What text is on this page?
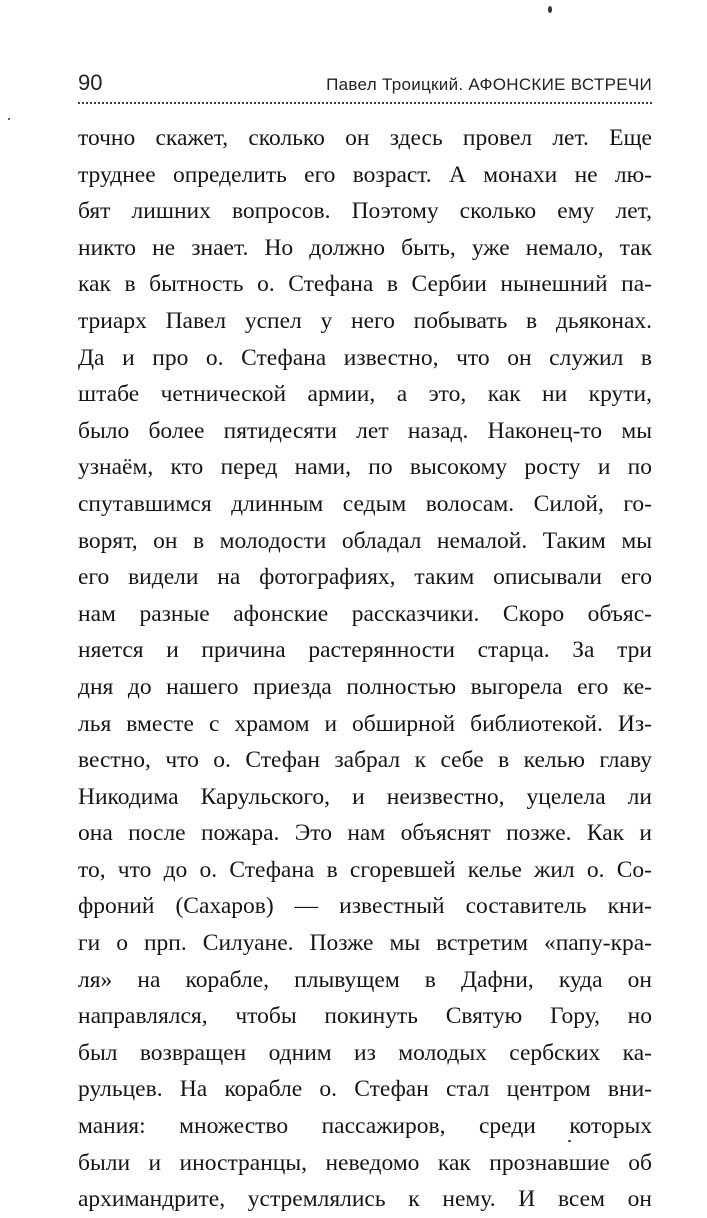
90	Павел Троицкий. АФОНСКИЕ ВСТРЕЧИ
точно скажет, сколько он здесь провел лет. Еще
труднее определить его возраст. А монахи не лю-
бят лишних вопросов. Поэтому сколько ему лет,
никто не знает. Но должно быть, уже немало, так
как в бытность о. Стефана в Сербии нынешний па-
триарх Павел успел у него побывать в дьяконах.
Да и про о. Стефана известно, что он служил в
штабе четнической армии, а это, как ни крути,
было более пятидесяти лет назад. Наконец-то мы
узнаём, кто перед нами, по высокому росту и по
спутавшимся длинным седым волосам. Силой, го-
ворят, он в молодости обладал немалой. Таким мы
его видели на фотографиях, таким описывали его
нам разные афонские рассказчики. Скоро объяс-
няется и причина растерянности старца. За три
дня до нашего приезда полностью выгорела его ке-
лья вместе с храмом и обширной библиотекой. Из-
вестно, что о. Стефан забрал к себе в келью главу
Никодима Карульского, и неизвестно, уцелела ли
она после пожара. Это нам объяснят позже. Как и
то, что до о. Стефана в сгоревшей келье жил о. Со-
фроний (Сахаров) — известный составитель кни-
ги о прп. Силуане. Позже мы встретим «папу-кра-
ля» на корабле, плывущем в Дафни, куда он
направлялся, чтобы покинуть Святую Гору, но
был возвращен одним из молодых сербских ка-
рульцев. На корабле о. Стефан стал центром вни-
мания: множество пассажиров, среди которых
были и иностранцы, неведомо как прознавшие об
архимандрите, устремлялись к нему. И всем он
